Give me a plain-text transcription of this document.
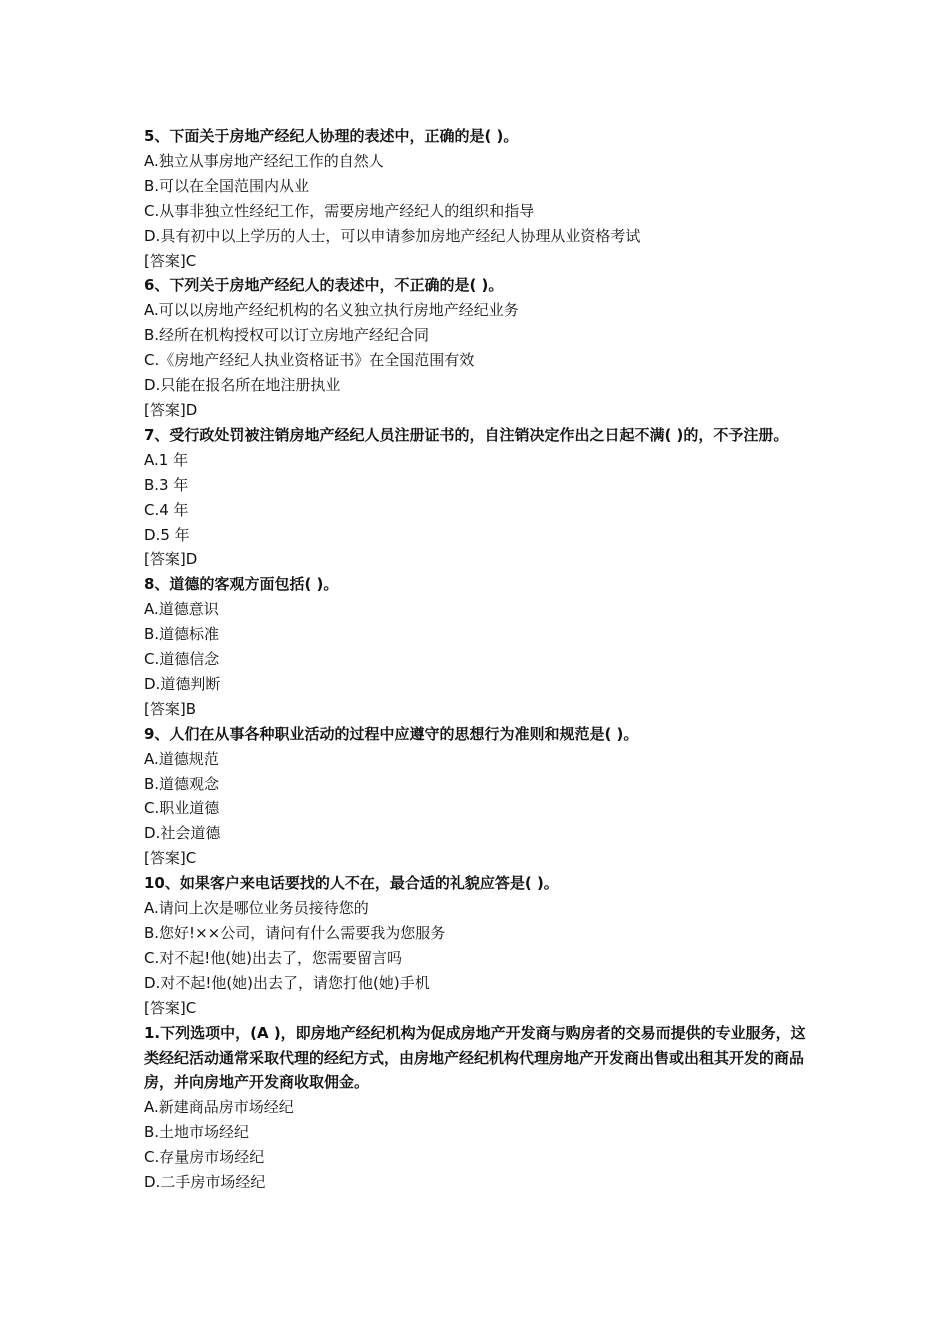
5、下面关于房地产经纪人协理的表述中，正确的是( )。
A.独立从事房地产经纪工作的自然人
B.可以在全国范围内从业
C.从事非独立性经纪工作，需要房地产经纪人的组织和指导
D.具有初中以上学历的人士，可以申请参加房地产经纪人协理从业资格考试
[答案]C
6、下列关于房地产经纪人的表述中，不正确的是( )。
A.可以以房地产经纪机构的名义独立执行房地产经纪业务
B.经所在机构授权可以订立房地产经纪合同
C.《房地产经纪人执业资格证书》在全国范围有效
D.只能在报名所在地注册执业
[答案]D
7、受行政处罚被注销房地产经纪人员注册证书的，自注销决定作出之日起不满( )的，不予注册。
A.1 年
B.3 年
C.4 年
D.5 年
[答案]D
8、道德的客观方面包括( )。
A.道德意识
B.道德标准
C.道德信念
D.道德判断
[答案]B
9、人们在从事各种职业活动的过程中应遵守的思想行为准则和规范是( )。
A.道德规范
B.道德观念
C.职业道德
D.社会道德
[答案]C
10、如果客户来电话要找的人不在，最合适的礼貌应答是( )。
A.请问上次是哪位业务员接待您的
B.您好!××公司，请问有什么需要我为您服务
C.对不起!他(她)出去了，您需要留言吗
D.对不起!他(她)出去了，请您打他(她)手机
[答案]C
1.下列选项中，(A )，即房地产经纪机构为促成房地产开发商与购房者的交易而提供的专业服务，这类经纪活动通常采取代理的经纪方式，由房地产经纪机构代理房地产开发商出售或出租其开发的商品房，并向房地产开发商收取佣金。
A.新建商品房市场经纪
B.土地市场经纪
C.存量房市场经纪
D.二手房市场经纪
